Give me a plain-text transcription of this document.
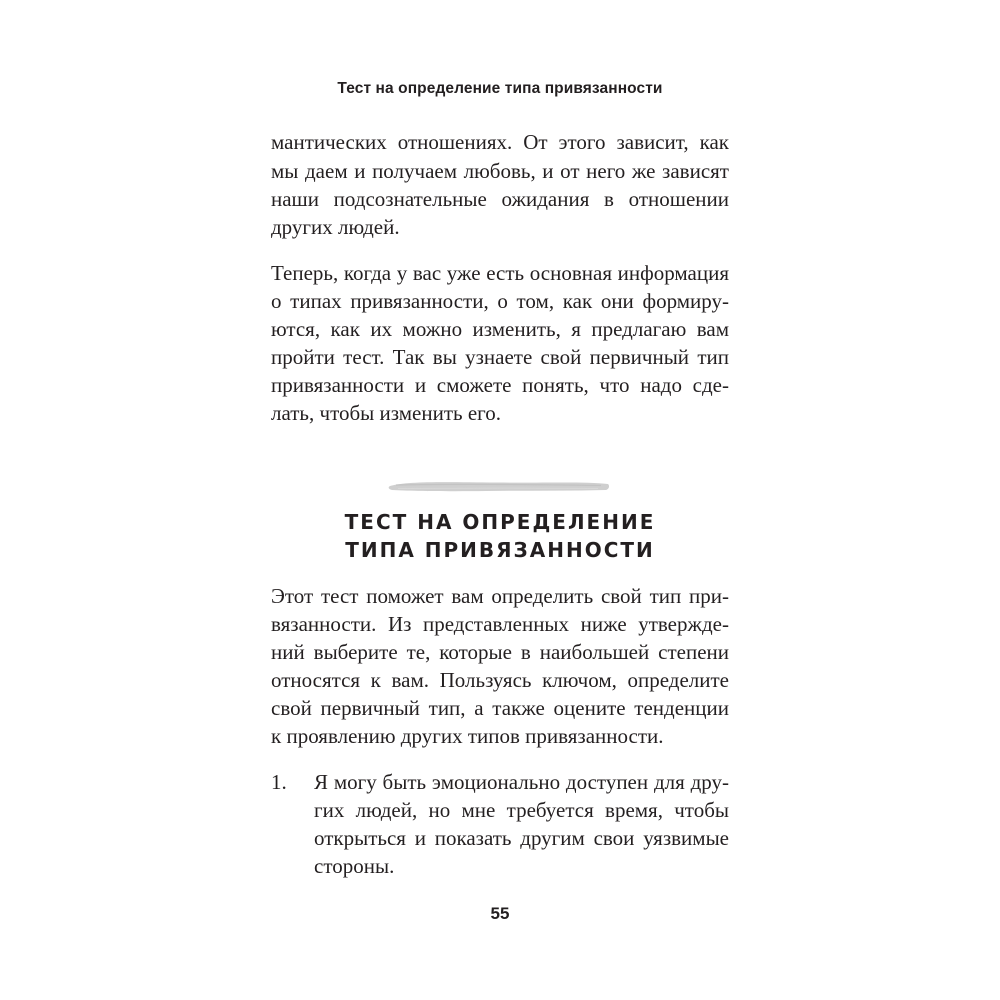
Тест на определение типа привязанности
мантических отношениях. От этого зависит, как
мы даем и получаем любовь, и от него же зависят
наши подсознательные ожидания в отношении
других людей.
Теперь, когда у вас уже есть основная информация
о типах привязанности, о том, как они формиру-
ются, как их можно изменить, я предлагаю вам
пройти тест. Так вы узнаете свой первичный тип
привязанности и сможете понять, что надо сде-
лать, чтобы изменить его.
ТЕСТ НА ОПРЕДЕЛЕНИЕ
ТИПА ПРИВЯЗАННОСТИ
Этот тест поможет вам определить свой тип при-
вязанности. Из представленных ниже утвержде-
ний выберите те, которые в наибольшей степени
относятся к вам. Пользуясь ключом, определите
свой первичный тип, а также оцените тенденции
к проявлению других типов привязанности.
1. Я могу быть эмоционально доступен для дру-
гих людей, но мне требуется время, чтобы
открыться и показать другим свои уязвимые
стороны.
55
